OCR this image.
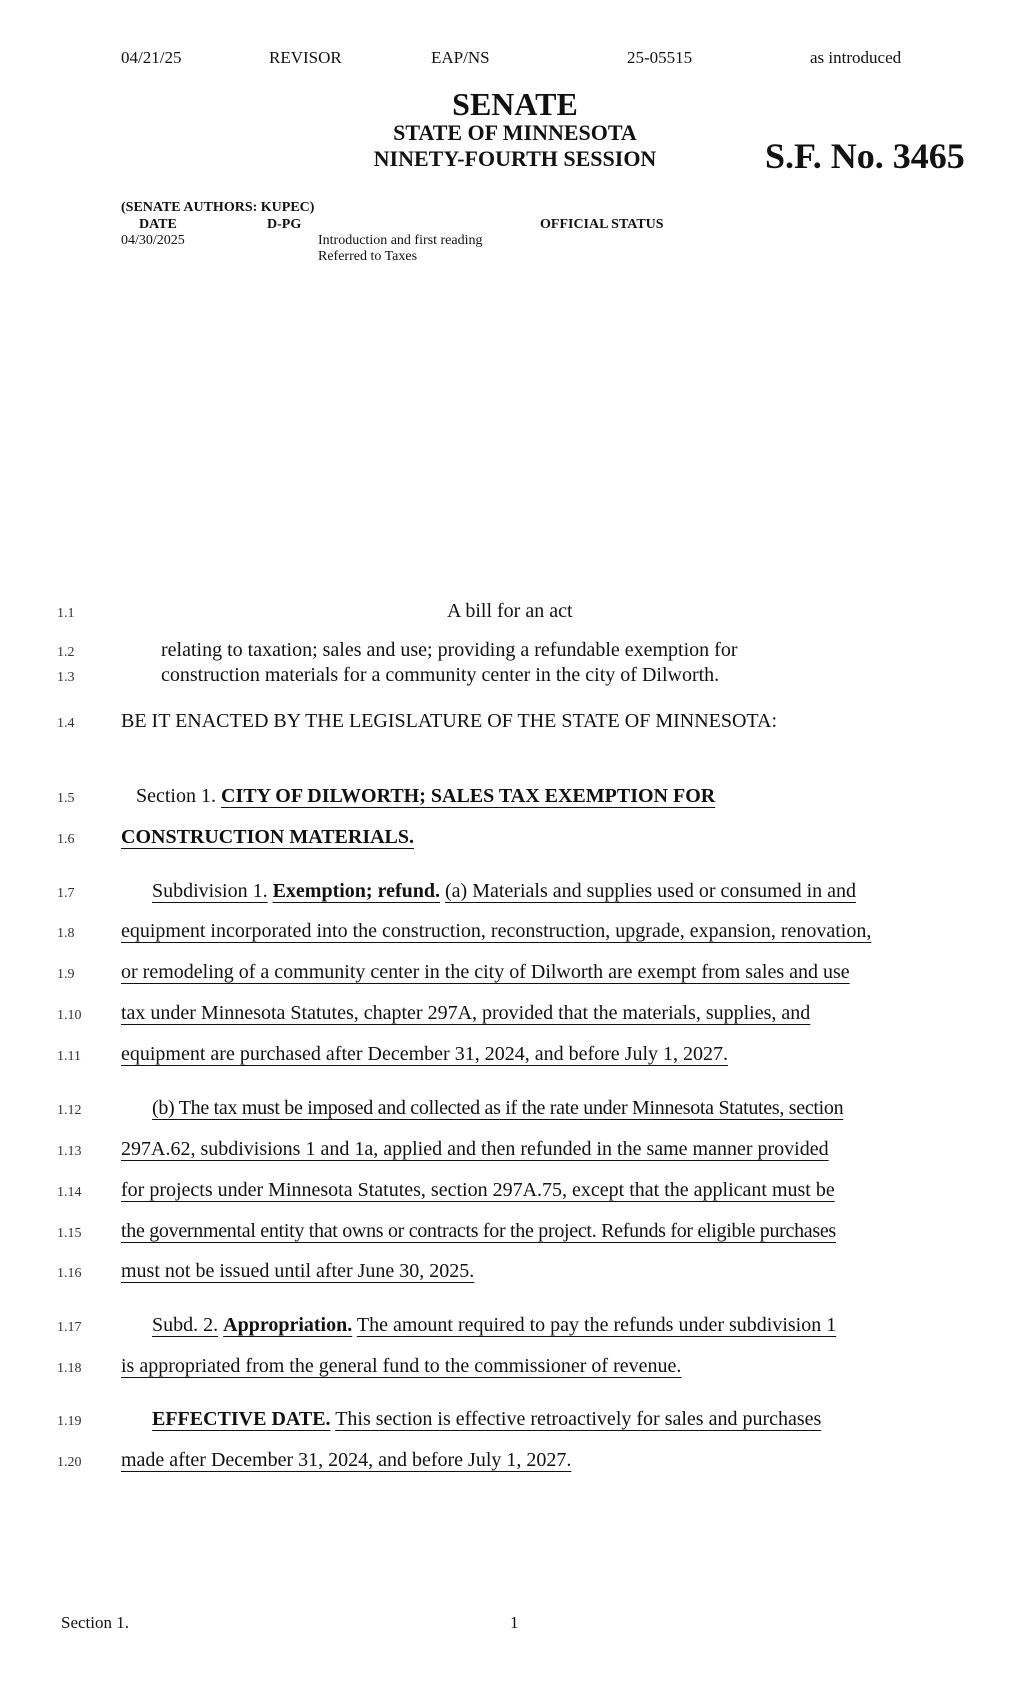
04/21/25	REVISOR	EAP/NS	25-05515	as introduced
SENATE
STATE OF MINNESOTA
NINETY-FOURTH SESSION	S.F. No. 3465
(SENATE AUTHORS: KUPEC)
DATE	D-PG	OFFICIAL STATUS
04/30/2025	Introduction and first reading
Referred to Taxes
1.1
1.2
1.3
1.4
1.5
1.6
1.7
1.8
1.9
1.10
1.11
1.12
1.13
1.14
1.15
1.16
1.17
1.18
1.19
1.20
A bill for an act
relating to taxation; sales and use; providing a refundable exemption for
construction materials for a community center in the city of Dilworth.
BE IT ENACTED BY THE LEGISLATURE OF THE STATE OF MINNESOTA:
Section 1. CITY OF DILWORTH; SALES TAX EXEMPTION FOR
CONSTRUCTION MATERIALS.
Subdivision 1. Exemption; refund. (a) Materials and supplies used or consumed in and
equipment incorporated into the construction, reconstruction, upgrade, expansion, renovation,
or remodeling of a community center in the city of Dilworth are exempt from sales and use
tax under Minnesota Statutes, chapter 297A, provided that the materials, supplies, and
equipment are purchased after December 31, 2024, and before July 1, 2027.
(b) The tax must be imposed and collected as if the rate under Minnesota Statutes, section
297A.62, subdivisions 1 and 1a, applied and then refunded in the same manner provided
for projects under Minnesota Statutes, section 297A.75, except that the applicant must be
the governmental entity that owns or contracts for the project. Refunds for eligible purchases
must not be issued until after June 30, 2025.
Subd. 2. Appropriation. The amount required to pay the refunds under subdivision 1
is appropriated from the general fund to the commissioner of revenue.
EFFECTIVE DATE. This section is effective retroactively for sales and purchases
made after December 31, 2024, and before July 1, 2027.
Section 1.	1
